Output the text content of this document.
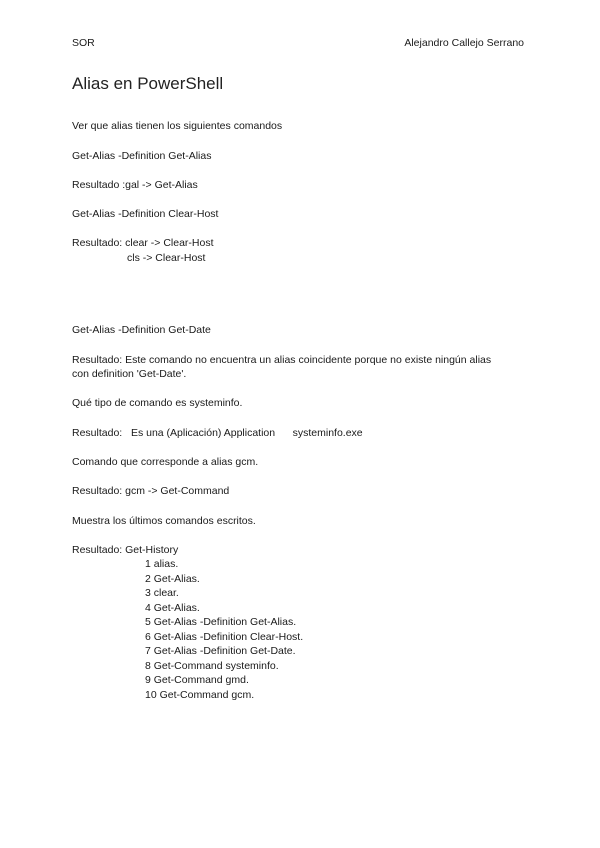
SOR	Alejandro Callejo Serrano
Alias en PowerShell
Ver que alias tienen los siguientes comandos
Get-Alias -Definition Get-Alias
Resultado :gal -> Get-Alias
Get-Alias -Definition Clear-Host
Resultado: clear -> Clear-Host
cls -> Clear-Host
Get-Alias -Definition Get-Date
Resultado: Este comando no encuentra un alias coincidente porque no existe ningún alias
con definition 'Get-Date'.
Qué tipo de comando es systeminfo.
Resultado:   Es una (Aplicación) Application      systeminfo.exe
Comando que corresponde a alias gcm.
Resultado: gcm -> Get-Command
Muestra los últimos comandos escritos.
Resultado: Get-History
1 alias.
2 Get-Alias.
3 clear.
4 Get-Alias.
5 Get-Alias -Definition Get-Alias.
6 Get-Alias -Definition Clear-Host.
7 Get-Alias -Definition Get-Date.
8 Get-Command systeminfo.
9 Get-Command gmd.
10 Get-Command gcm.
